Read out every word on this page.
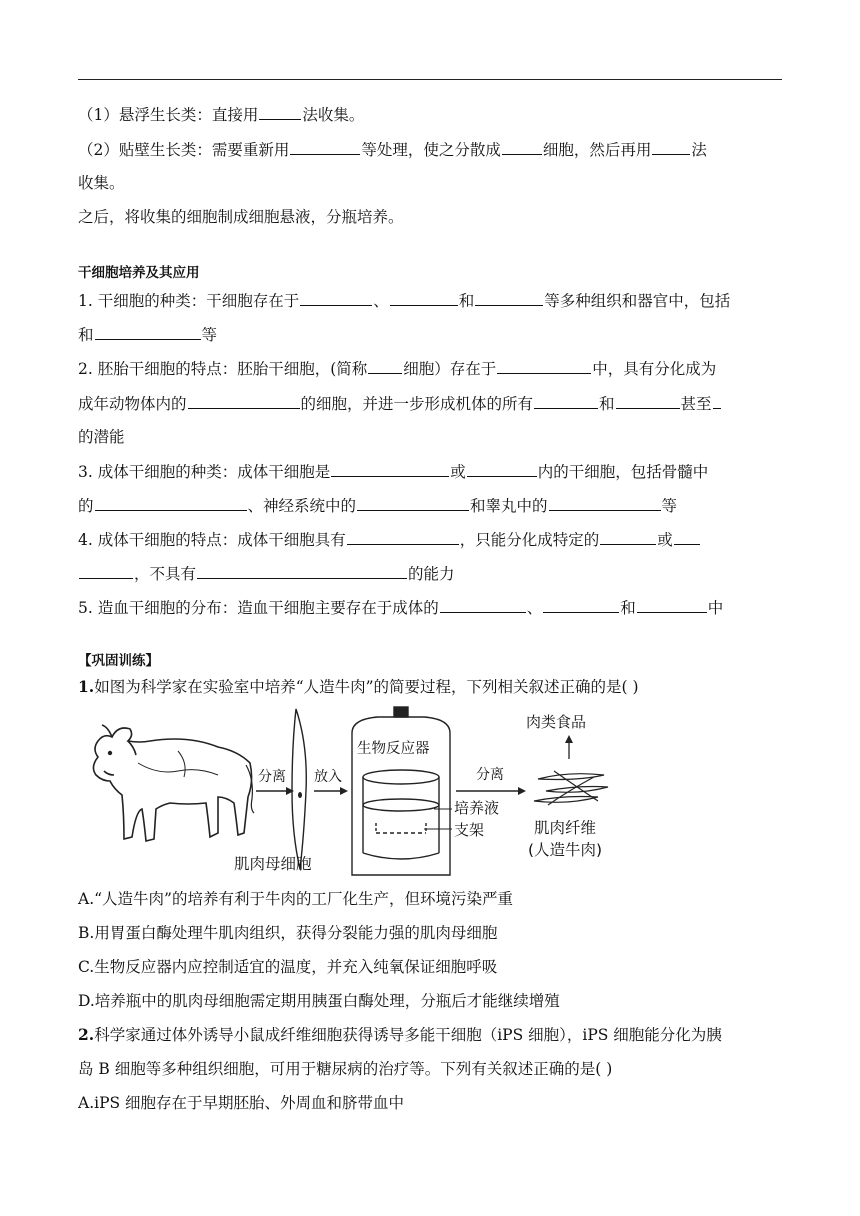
（1）悬浮生长类：直接用	法收集。
（2）贴壁生长类：需要重新用	等处理，使之分散成	细胞，然后再用	法
收集。
之后，将收集的细胞制成细胞悬液，分瓶培养。
干细胞培养及其应用
1. 干细胞的种类：干细胞存在于	、	和	等多种组织和器官中，包括
和	等
2. 胚胎干细胞的特点：胚胎干细胞，(简称 细胞）存在于	中，具有分化成为
成年动物体内的	的细胞，并进一步形成机体的所有	和	甚至
的潜能
3. 成体干细胞的种类：成体干细胞是	或	内的干细胞，包括骨髓中
的	、神经系统中的	和睾丸中的	等
4. 成体干细胞的特点：成体干细胞具有	，只能分化成特定的	或
，不具有	的能力
5. 造血干细胞的分布：造血干细胞主要存在于成体的	、	和	中
【巩固训练】
1.如图为科学家在实验室中培养“人造牛肉”的简要过程，下列相关叙述正确的是( )
分离 放入
生物反应器
培养液
支架
分离
肉类食品
肌肉纤维
(人造牛肉)
肌肉母细胞
A.“人造牛肉”的培养有利于牛肉的工厂化生产，但环境污染严重
B.用胃蛋白酶处理牛肌肉组织，获得分裂能力强的肌肉母细胞
C.生物反应器内应控制适宜的温度，并充入纯氧保证细胞呼吸
D.培养瓶中的肌肉母细胞需定期用胰蛋白酶处理，分瓶后才能继续增殖
2.科学家通过体外诱导小鼠成纤维细胞获得诱导多能干细胞（iPS 细胞），iPS 细胞能分化为胰
岛 B 细胞等多种组织细胞，可用于糖尿病的治疗等。下列有关叙述正确的是( )
A.iPS 细胞存在于早期胚胎、外周血和脐带血中
